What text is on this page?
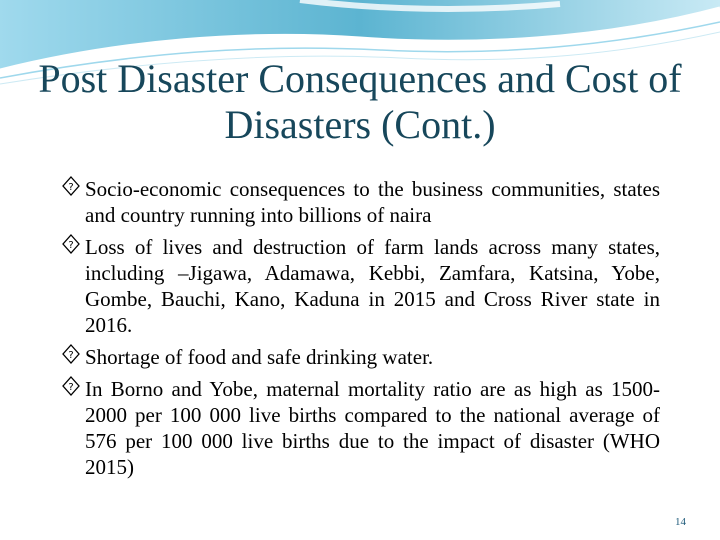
Post Disaster Consequences and Cost of Disasters (Cont.)
? Socio-economic consequences to the business communities, states and country running into billions of naira
? Loss of lives and destruction of farm lands across many states, including –Jigawa, Adamawa, Kebbi, Zamfara, Katsina, Yobe, Gombe, Bauchi, Kano, Kaduna in 2015 and Cross River state in 2016.
? Shortage of food and safe drinking water.
? In Borno and Yobe, maternal mortality ratio are as high as 1500-2000 per 100 000 live births compared to the national average of 576 per 100 000 live births due to the impact of disaster (WHO 2015)
14
